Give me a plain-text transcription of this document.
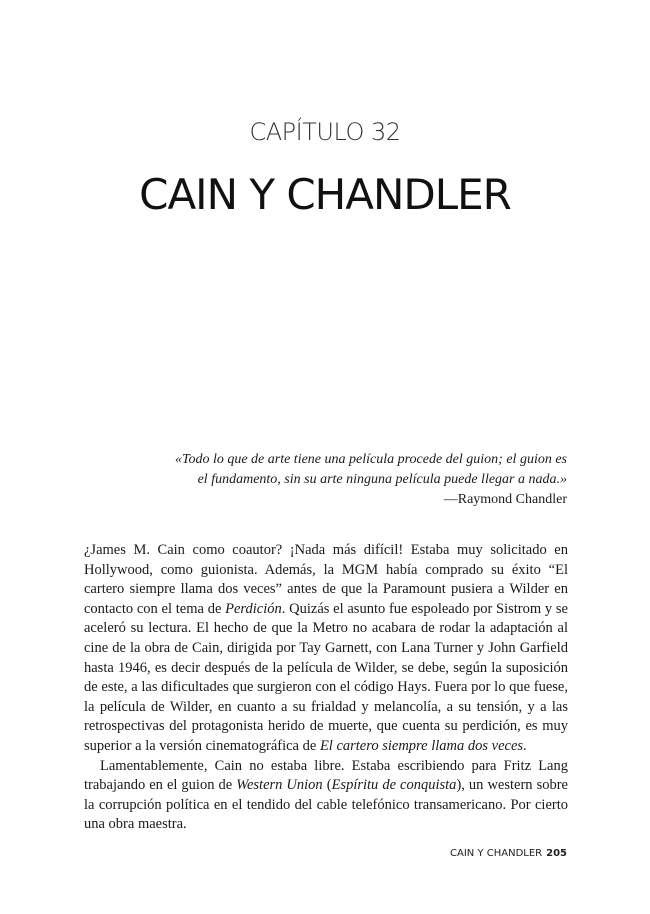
CAPÍTULO 32
CAIN Y CHANDLER
«Todo lo que de arte tiene una película procede del guion; el guion es el fundamento, sin su arte ninguna película puede llegar a nada.»
—Raymond Chandler

¿James M. Cain como coautor? ¡Nada más difícil! Estaba muy solicitado en Hollywood, como guionista. Además, la MGM había comprado su éxito “El cartero siempre llama dos veces” antes de que la Paramount pusiera a Wilder en contacto con el tema de Perdición. Quizás el asunto fue espoleado por Sistrom y se aceleró su lectura. El hecho de que la Metro no acabara de rodar la adaptación al cine de la obra de Cain, dirigida por Tay Garnett, con Lana Turner y John Garfield hasta 1946, es decir después de la película de Wilder, se debe, según la suposición de este, a las dificultades que surgieron con el código Hays. Fuera por lo que fuese, la película de Wilder, en cuanto a su frialdad y melancolía, a su tensión, y a las retrospectivas del protagonista herido de muerte, que cuenta su perdición, es muy superior a la versión cinematográfica de El cartero siempre llama dos veces.

Lamentablemente, Cain no estaba libre. Estaba escribiendo para Fritz Lang trabajando en el guion de Western Union (Espíritu de conquista), un western sobre la corrupción política en el tendido del cable telefónico transamericano. Por cierto una obra maestra.

CAIN Y CHANDLER 205
